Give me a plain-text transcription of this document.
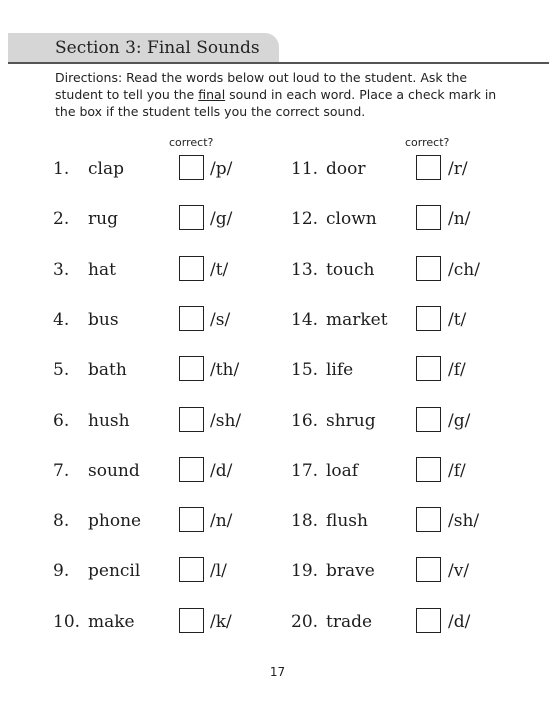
Section 3: Final Sounds
Directions: Read the words below out loud to the student. Ask the student to tell you the final sound in each word. Place a check mark in the box if the student tells you the correct sound.
correct?	correct?
1. clap	/p/
2. rug	/g/
3. hat	/t/
4. bus	/s/
5. bath	/th/
6. hush	/sh/
7. sound	/d/
8. phone	/n/
9. pencil	/l/
10. make	/k/
11. door	/r/
12. clown	/n/
13. touch	/ch/
14. market	/t/
15. life	/f/
16. shrug	/g/
17. loaf	/f/
18. flush	/sh/
19. brave	/v/
20. trade	/d/
17
